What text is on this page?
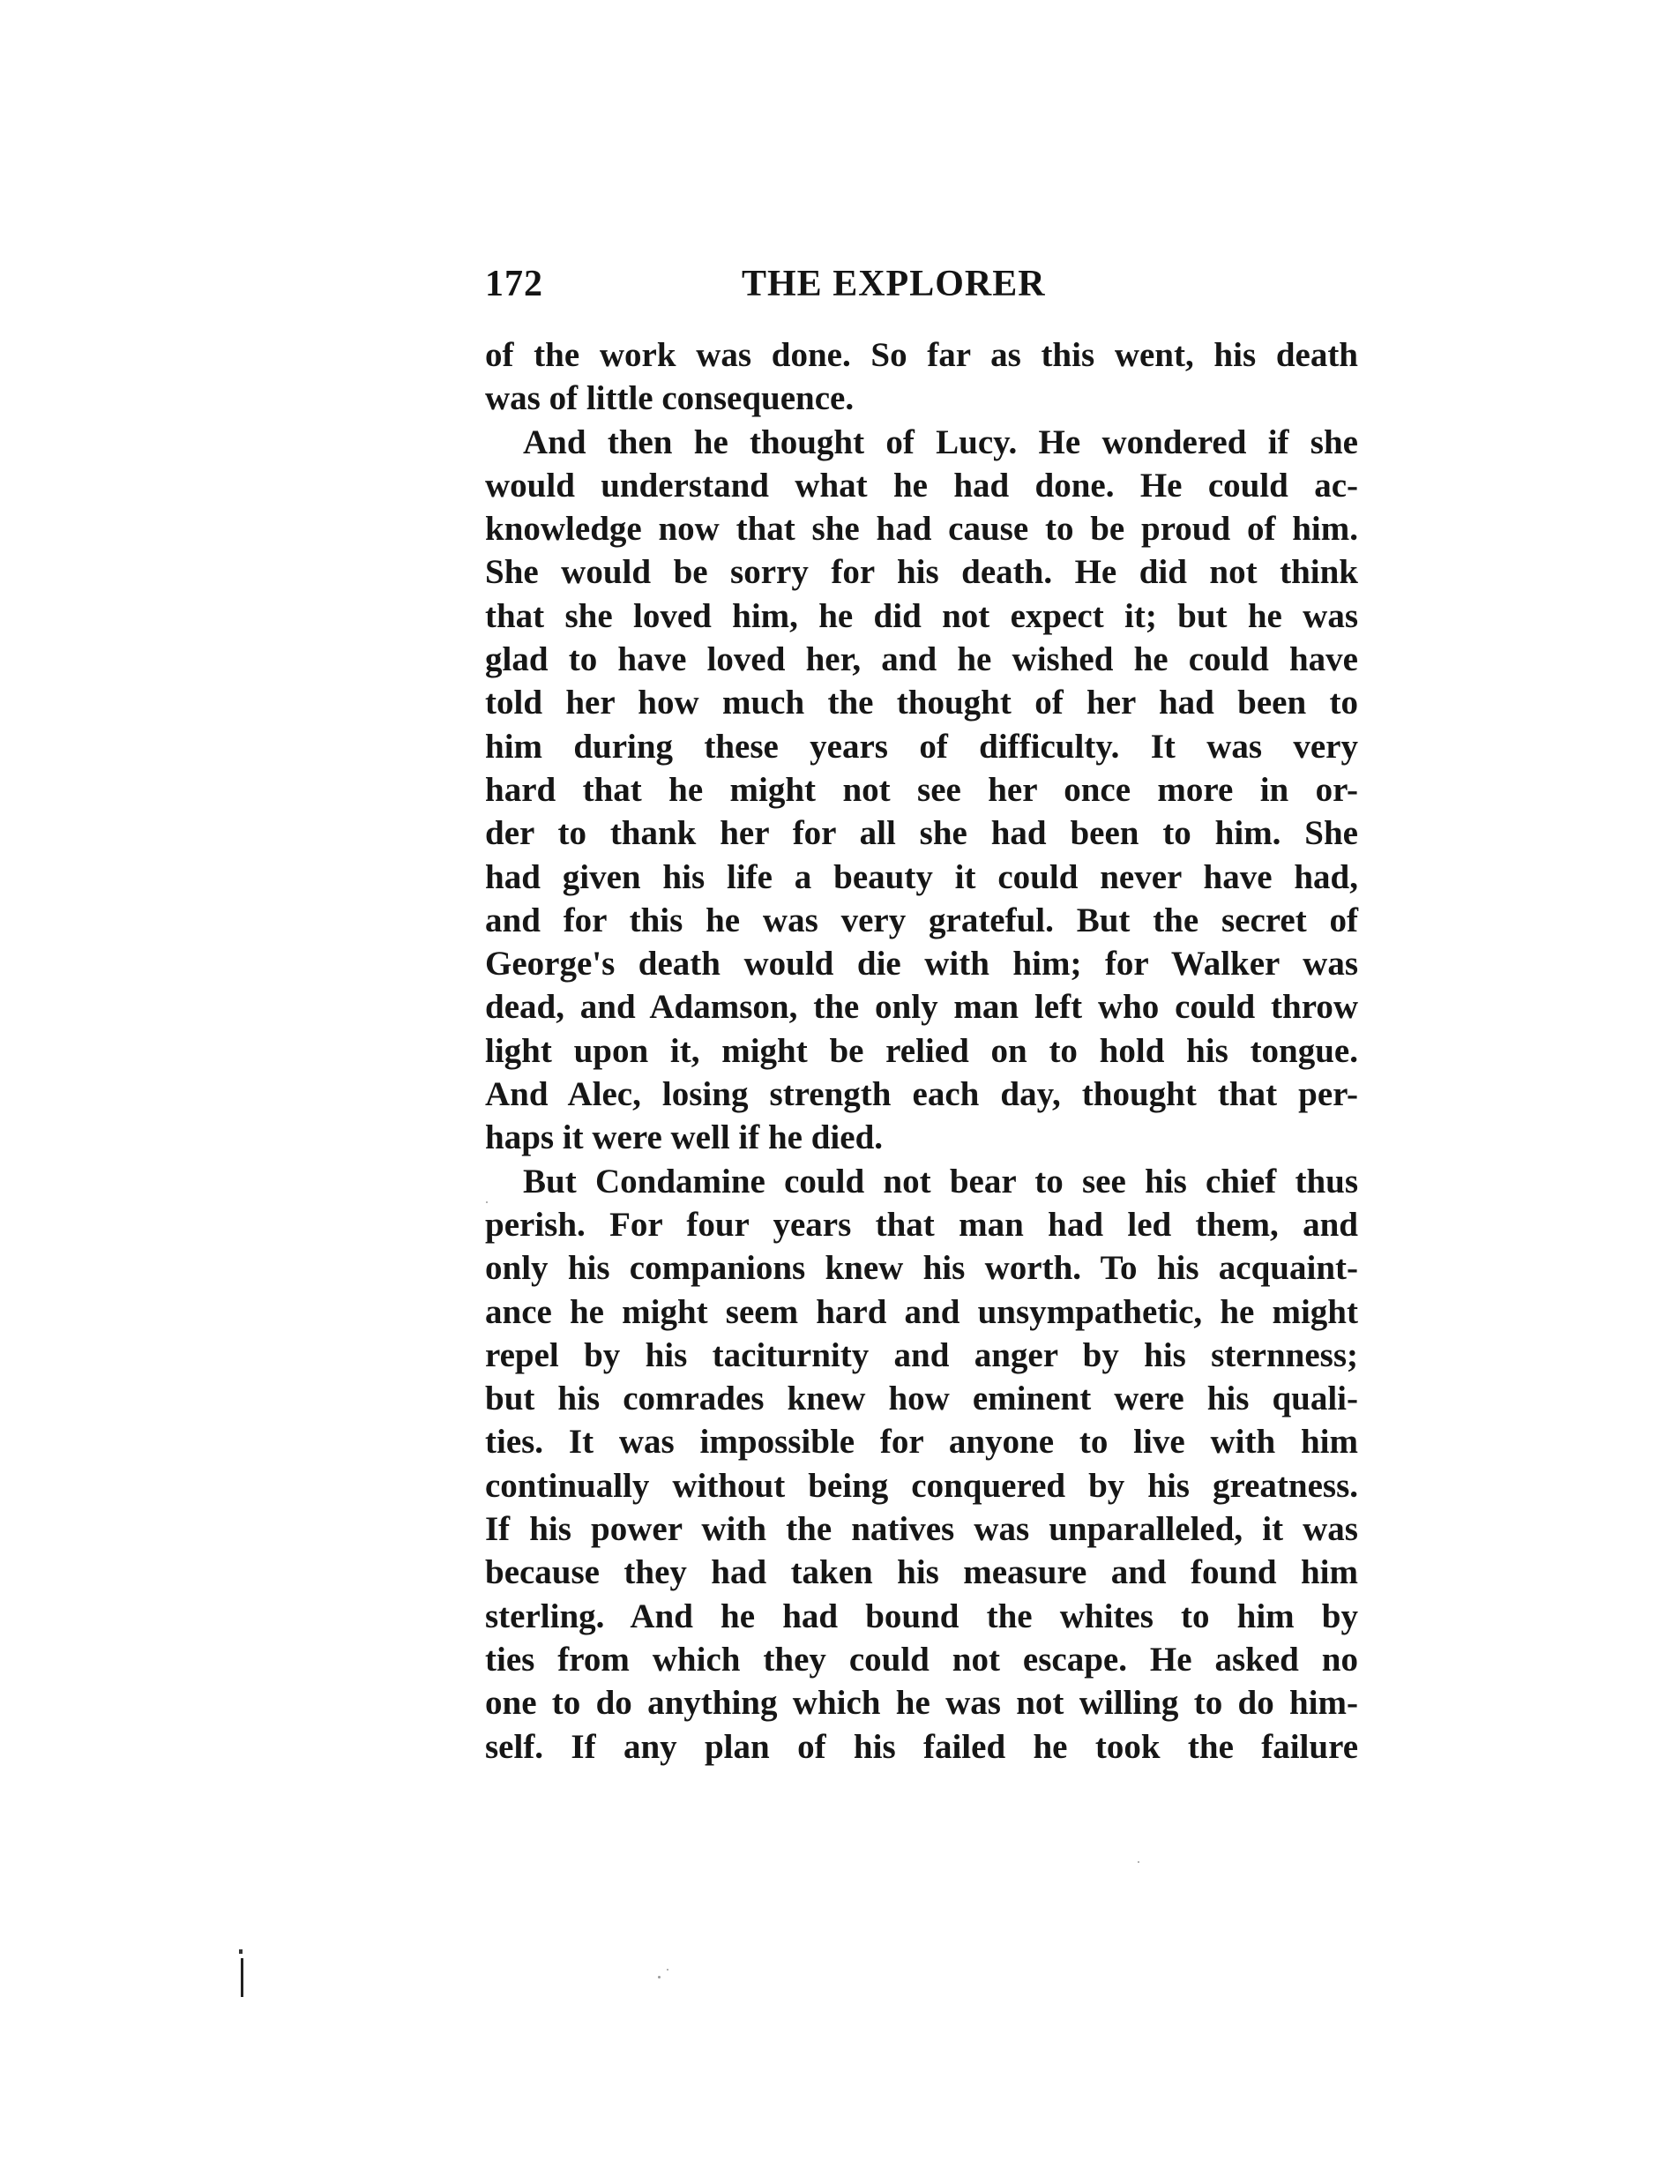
172	THE EXPLORER
of the work was done. So far as this went, his death
was of little consequence.
And then he thought of Lucy. He wondered if she
would understand what he had done. He could ac-
knowledge now that she had cause to be proud of him.
She would be sorry for his death. He did not think
that she loved him, he did not expect it; but he was
glad to have loved her, and he wished he could have
told her how much the thought of her had been to
him during these years of difficulty. It was very
hard that he might not see her once more in or-
der to thank her for all she had been to him. She
had given his life a beauty it could never have had,
and for this he was very grateful. But the secret of
George's death would die with him; for Walker was
dead, and Adamson, the only man left who could throw
light upon it, might be relied on to hold his tongue.
And Alec, losing strength each day, thought that per-
haps it were well if he died.
But Condamine could not bear to see his chief thus
perish. For four years that man had led them, and
only his companions knew his worth. To his acquaint-
ance he might seem hard and unsympathetic, he might
repel by his taciturnity and anger by his sternness;
but his comrades knew how eminent were his quali-
ties. It was impossible for anyone to live with him
continually without being conquered by his greatness.
If his power with the natives was unparalleled, it was
because they had taken his measure and found him
sterling. And he had bound the whites to him by
ties from which they could not escape. He asked no
one to do anything which he was not willing to do him-
self. If any plan of his failed he took the failure
